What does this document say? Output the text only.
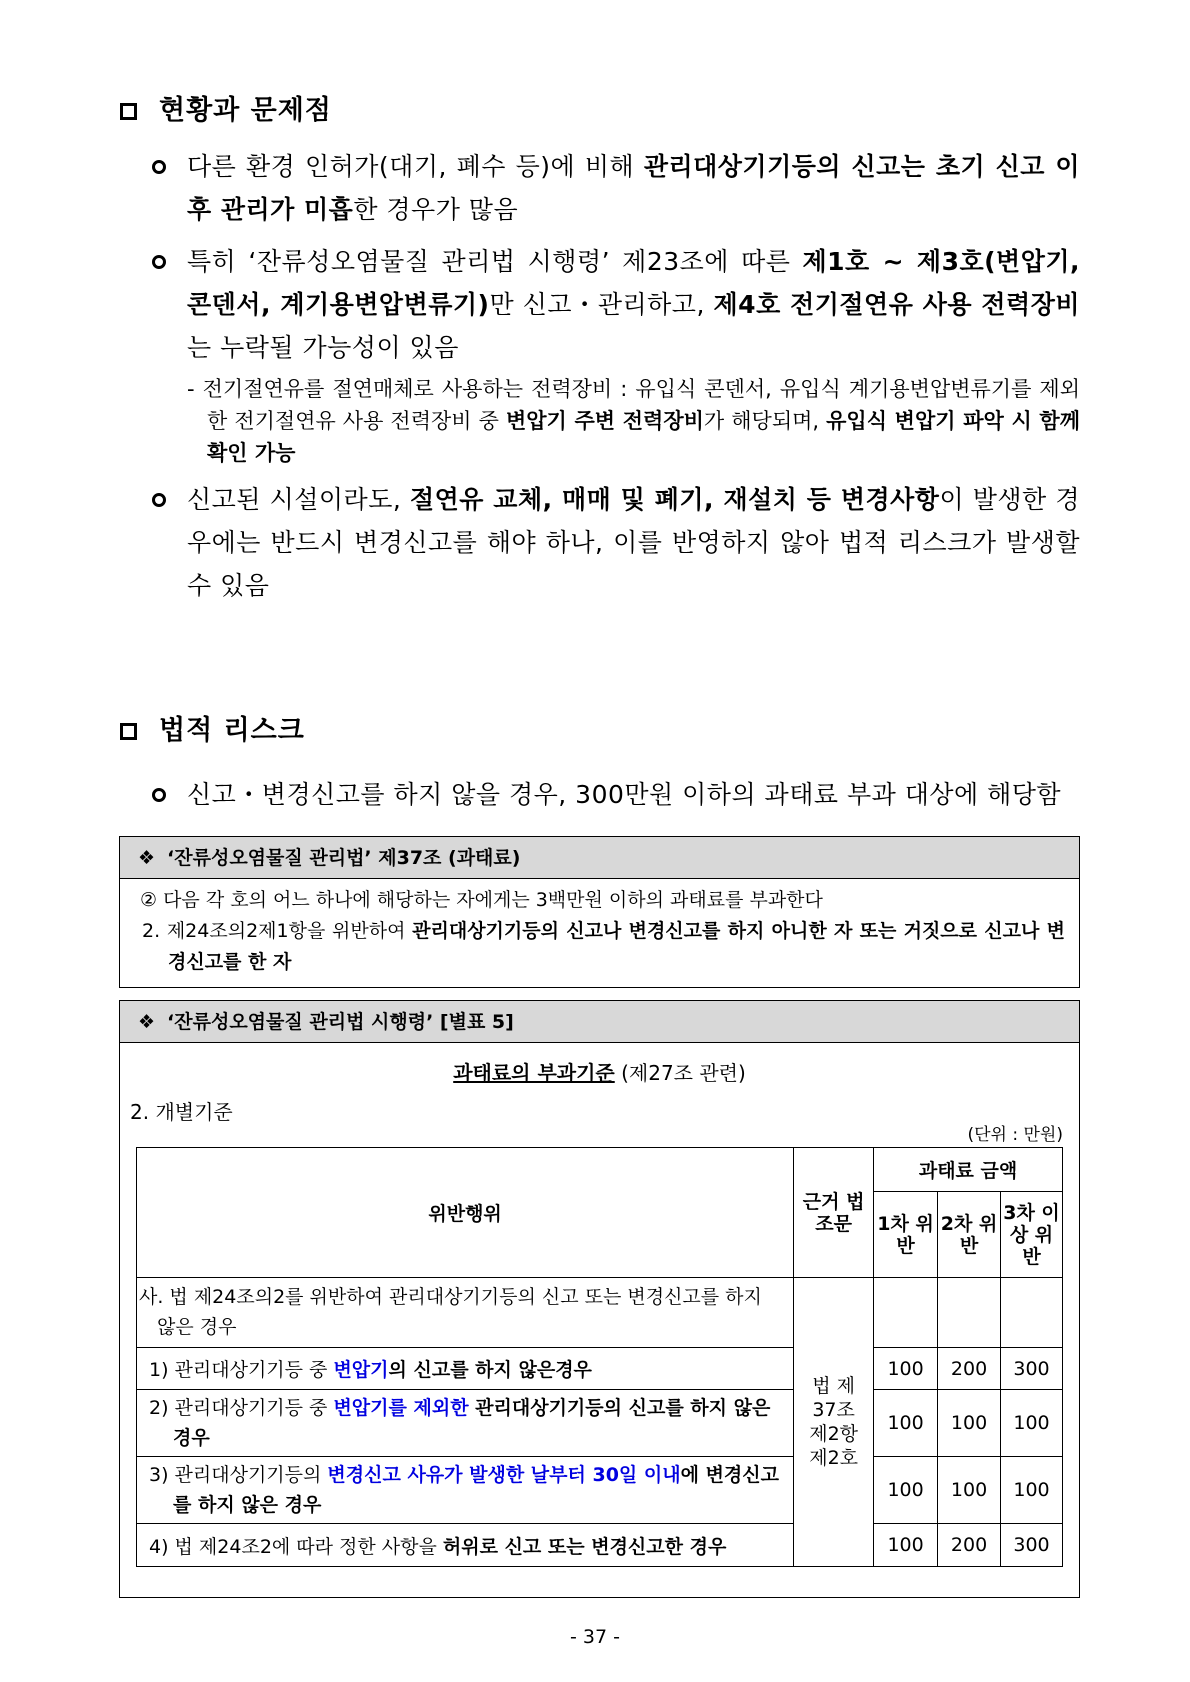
현황과 문제점
다른 환경 인허가(대기, 폐수 등)에 비해 관리대상기기등의 신고는 초기 신고 이후 관리가 미흡한 경우가 많음
특히 ‘잔류성오염물질 관리법 시행령’ 제23조에 따른 제1호 ~ 제3호(변압기, 콘덴서, 계기용변압변류기)만 신고・관리하고, 제4호 전기절연유 사용 전력장비는 누락될 가능성이 있음
- 전기절연유를 절연매체로 사용하는 전력장비 : 유입식 콘덴서, 유입식 계기용변압변류기를 제외한 전기절연유 사용 전력장비 중 변압기 주변 전력장비가 해당되며, 유입식 변압기 파악 시 함께 확인 가능
신고된 시설이라도, 절연유 교체, 매매 및 폐기, 재설치 등 변경사항이 발생한 경우에는 반드시 변경신고를 해야 하나, 이를 반영하지 않아 법적 리스크가 발생할 수 있음
법적 리스크
신고・변경신고를 하지 않을 경우, 300만원 이하의 과태료 부과 대상에 해당함
❖ ‘잔류성오염물질 관리법’ 제37조 (과태료)
② 다음 각 호의 어느 하나에 해당하는 자에게는 3백만원 이하의 과태료를 부과한다
2. 제24조의2제1항을 위반하여 관리대상기기등의 신고나 변경신고를 하지 아니한 자 또는 거짓으로 신고나 변경신고를 한 자
❖ ‘잔류성오염물질 관리법 시행령’ [별표 5]
과태료의 부과기준 (제27조 관련)
2. 개별기준
(단위 : 만원)
위반행위	근거 법조문	과태료 금액		
		1차 위반	2차 위반	3차 이상 위반
사. 법 제24조의2를 위반하여 관리대상기기등의 신고 또는 변경신고를 하지 않은 경우	법 제37조 제2항 제2호			
1) 관리대상기기등 중 변압기의 신고를 하지 않은경우		100	200	300
2) 관리대상기기등 중 변압기를 제외한 관리대상기기등의 신고를 하지 않은 경우		100	100	100
3) 관리대상기기등의 변경신고 사유가 발생한 날부터 30일 이내에 변경신고를 하지 않은 경우		100	100	100
4) 법 제24조2에 따라 정한 사항을 허위로 신고 또는 변경신고한 경우		100	200	300
- 37 -
